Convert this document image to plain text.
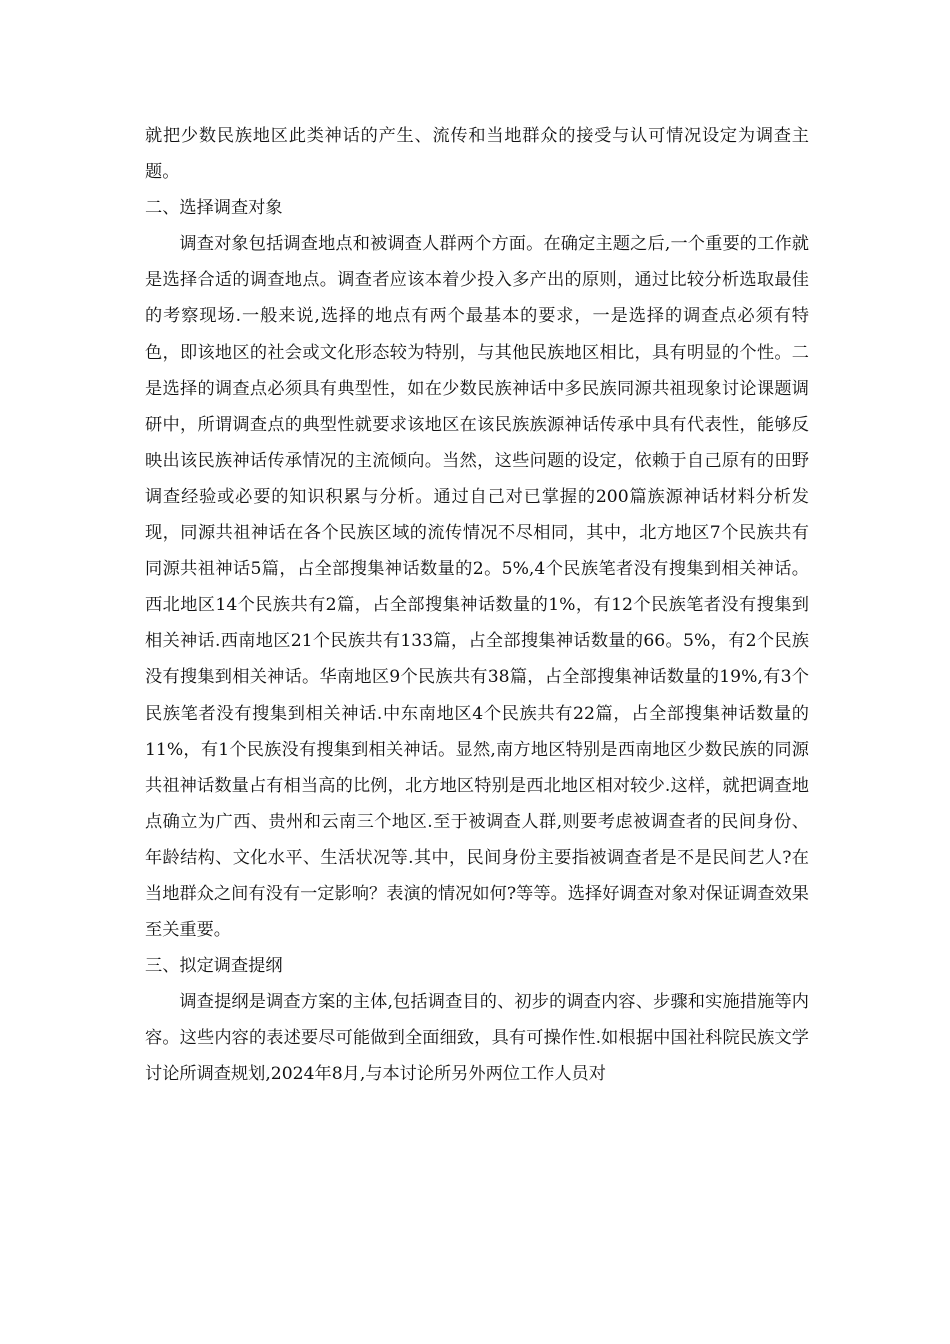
就把少数民族地区此类神话的产生、流传和当地群众的接受与认可情况设定为调查主题。

二、选择调查对象

调查对象包括调查地点和被调查人群两个方面。在确定主题之后,一个重要的工作就是选择合适的调查地点。调查者应该本着少投入多产出的原则，通过比较分析选取最佳的考察现场.一般来说,选择的地点有两个最基本的要求，一是选择的调查点必须有特色，即该地区的社会或文化形态较为特别，与其他民族地区相比，具有明显的个性。二是选择的调查点必须具有典型性，如在少数民族神话中多民族同源共祖现象讨论课题调研中，所谓调查点的典型性就要求该地区在该民族族源神话传承中具有代表性，能够反映出该民族神话传承情况的主流倾向。当然，这些问题的设定，依赖于自己原有的田野调查经验或必要的知识积累与分析。通过自己对已掌握的200篇族源神话材料分析发现，同源共祖神话在各个民族区域的流传情况不尽相同，其中，北方地区7个民族共有同源共祖神话5篇，占全部搜集神话数量的2。5%,4个民族笔者没有搜集到相关神话。西北地区14个民族共有2篇，占全部搜集神话数量的1%，有12个民族笔者没有搜集到相关神话.西南地区21个民族共有133篇，占全部搜集神话数量的66。5%，有2个民族没有搜集到相关神话。华南地区9个民族共有38篇，占全部搜集神话数量的19%,有3个民族笔者没有搜集到相关神话.中东南地区4个民族共有22篇，占全部搜集神话数量的11%，有1个民族没有搜集到相关神话。显然,南方地区特别是西南地区少数民族的同源共祖神话数量占有相当高的比例，北方地区特别是西北地区相对较少.这样，就把调查地点确立为广西、贵州和云南三个地区.至于被调查人群,则要考虑被调查者的民间身份、年龄结构、文化水平、生活状况等.其中，民间身份主要指被调查者是不是民间艺人?在当地群众之间有没有一定影响？表演的情况如何?等等。选择好调查对象对保证调查效果至关重要。

三、拟定调查提纲

调查提纲是调查方案的主体,包括调查目的、初步的调查内容、步骤和实施措施等内容。这些内容的表述要尽可能做到全面细致，具有可操作性.如根据中国社科院民族文学讨论所调查规划,2024年8月,与本讨论所另外两位工作人员对
